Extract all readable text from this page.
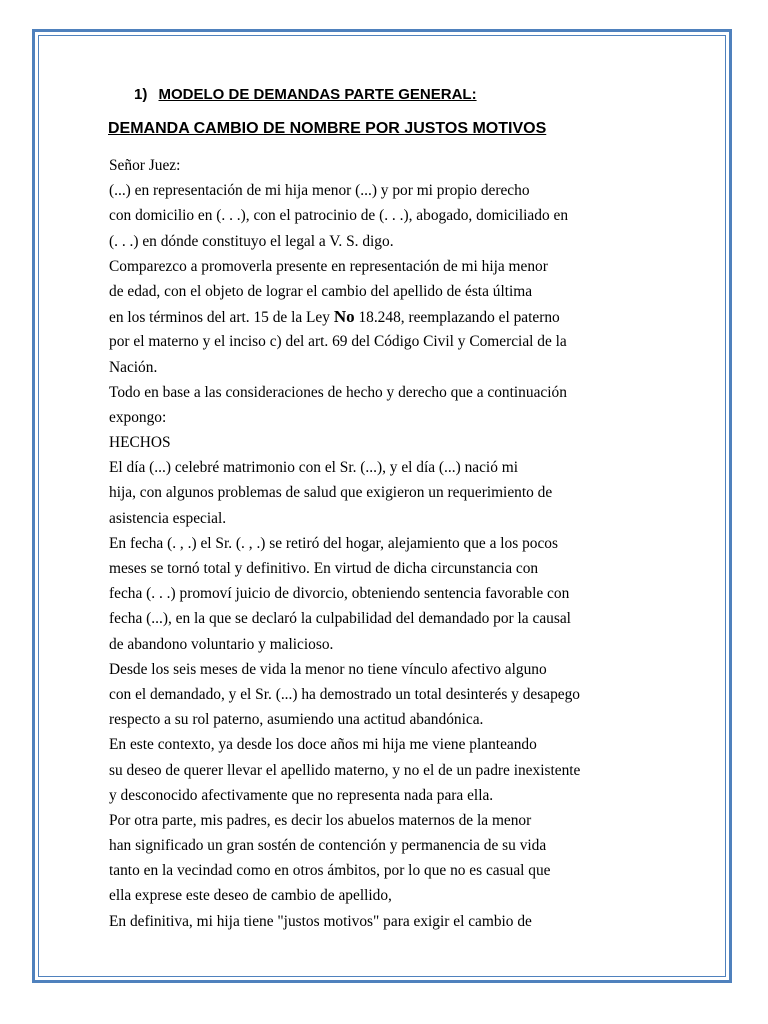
1) MODELO DE DEMANDAS PARTE GENERAL:
DEMANDA CAMBIO DE NOMBRE POR JUSTOS MOTIVOS
Señor Juez:
(...) en representación de mi hija menor (...) y por mi propio derecho
con domicilio en (. . .), con el patrocinio de (. . .), abogado, domiciliado en
(. . .) en dónde constituyo el legal a V. S. digo.
Comparezco a promoverla presente en representación de mi hija menor
de edad, con el objeto de lograr el cambio del apellido de ésta última
en los términos del art. 15 de la Ley No 18.248, reemplazando el paterno
por el materno y el inciso c) del art. 69 del Código Civil y Comercial de la
Nación.
Todo en base a las consideraciones de hecho y derecho que a continuación
expongo:
HECHOS
El día (...) celebré matrimonio con el Sr. (...), y el día (...) nació mi
hija, con algunos problemas de salud que exigieron un requerimiento de
asistencia especial.
En fecha (. , .) el Sr. (. , .) se retiró del hogar, alejamiento que a los pocos
meses se tornó total y definitivo. En virtud de dicha circunstancia con
fecha (. . .) promoví juicio de divorcio, obteniendo sentencia favorable con
fecha (...), en la que se declaró la culpabilidad del demandado por la causal
de abandono voluntario y malicioso.
Desde los seis meses de vida la menor no tiene vínculo afectivo alguno
con el demandado, y el Sr. (...) ha demostrado un total desinterés y desapego
respecto a su rol paterno, asumiendo una actitud abandónica.
En este contexto, ya desde los doce años mi hija me viene planteando
su deseo de querer llevar el apellido materno, y no el de un padre inexistente
y desconocido afectivamente que no representa nada para ella.
Por otra parte, mis padres, es decir los abuelos maternos de la menor
han significado un gran sostén de contención y permanencia de su vida
tanto en la vecindad como en otros ámbitos, por lo que no es casual que
ella exprese este deseo de cambio de apellido,
En definitiva, mi hija tiene "justos motivos" para exigir el cambio de
